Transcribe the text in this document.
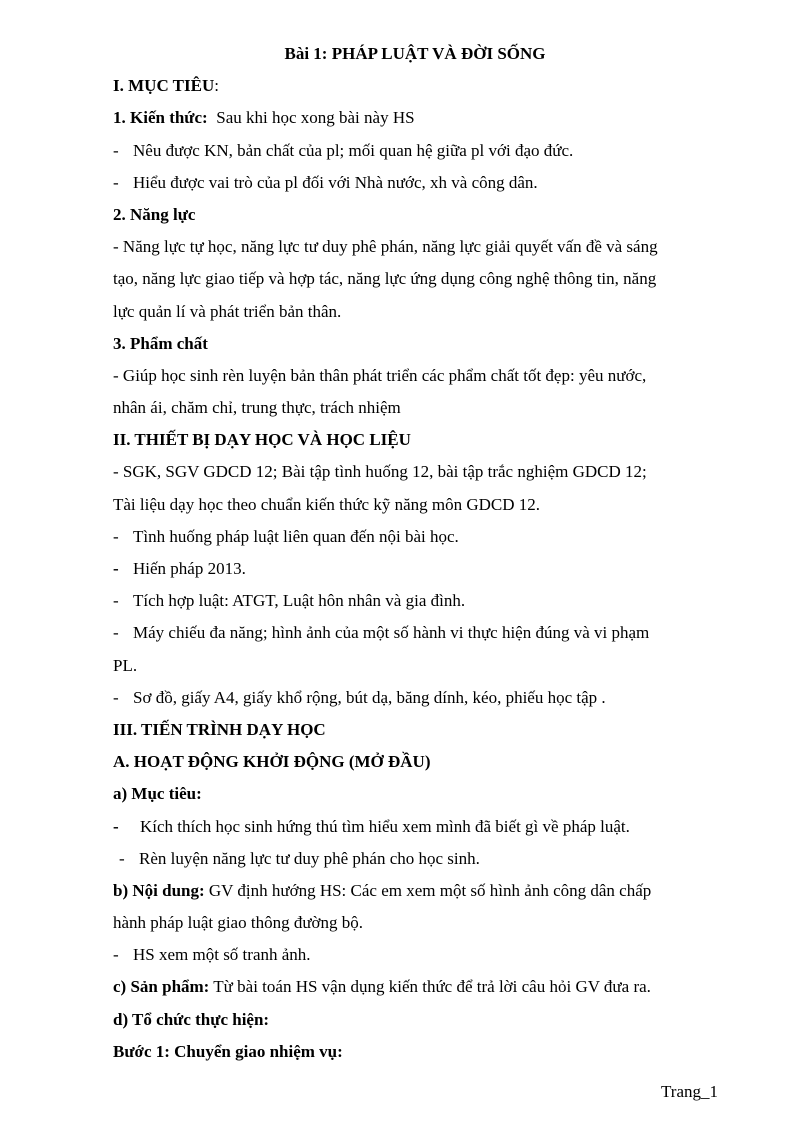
Bài 1: PHÁP LUẬT VÀ ĐỜI SỐNG
I. MỤC TIÊU:
1. Kiến thức:  Sau khi học xong bài này HS
- Nêu được KN, bản chất của pl; mối quan hệ giữa pl với đạo đức.
- Hiểu được vai trò của pl đối với Nhà nước, xh và công dân.
2. Năng lực
- Năng lực tự học, năng lực tư duy phê phán, năng lực giải quyết vấn đề và sáng
tạo, năng lực giao tiếp và hợp tác, năng lực ứng dụng công nghệ thông tin, năng
lực quản lí và phát triển bản thân.
3. Phẩm chất
- Giúp học sinh rèn luyện bản thân phát triển các phẩm chất tốt đẹp: yêu nước,
nhân ái, chăm chỉ, trung thực, trách nhiệm
II. THIẾT BỊ DẠY HỌC VÀ HỌC LIỆU
- SGK, SGV GDCD 12; Bài tập tình huống 12, bài tập trắc nghiệm GDCD 12;
Tài liệu dạy học theo chuẩn kiến thức kỹ năng môn GDCD 12.
- Tình huống pháp luật liên quan đến nội bài học.
- Hiến pháp 2013.
- Tích hợp luật: ATGT, Luật hôn nhân và gia đình.
- Máy chiếu đa năng; hình ảnh của một số hành vi thực hiện đúng và vi phạm
PL.
- Sơ đồ, giấy A4, giấy khổ rộng, bút dạ, băng dính, kéo, phiếu học tập .
III. TIẾN TRÌNH DẠY HỌC
A. HOẠT ĐỘNG KHỞI ĐỘNG (MỞ ĐẦU)
a) Mục tiêu:
- Kích thích học sinh hứng thú tìm hiểu xem mình đã biết gì về pháp luật.
- Rèn luyện năng lực tư duy phê phán cho học sinh.
b) Nội dung: GV định hướng HS: Các em xem một số hình ảnh công dân chấp
hành pháp luật giao thông đường bộ.
- HS xem một số tranh ảnh.
c) Sản phẩm: Từ bài toán HS vận dụng kiến thức để trả lời câu hỏi GV đưa ra.
d) Tổ chức thực hiện:
Bước 1: Chuyển giao nhiệm vụ:
Trang_1
